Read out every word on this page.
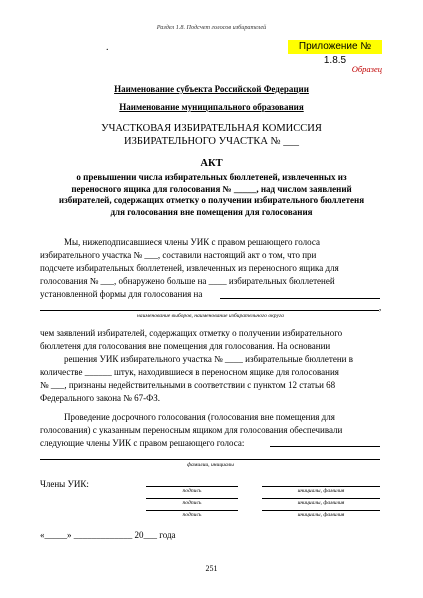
Раздел 1.8. Подсчет голосов избирателей
.	Приложение № 1.8.5
Образец
Наименование субъекта Российской Федерации
Наименование муниципального образования
УЧАСТКОВАЯ ИЗБИРАТЕЛЬНАЯ КОМИССИЯ
ИЗБИРАТЕЛЬНОГО УЧАСТКА № ___
АКТ
о превышении числа избирательных бюллетеней, извлеченных из
переносного ящика для голосования № _____, над числом заявлений
избирателей, содержащих отметку о получении избирательного бюллетеня
для голосования вне помещения для голосования
Мы, нижеподписавшиеся члены УИК с правом решающего голоса
избирательного участка № ___, составили настоящий акт о том, что при
подсчете избирательных бюллетеней, извлеченных из переносного ящика для
голосования № ___, обнаружено больше на ____ избирательных бюллетеней
установленной формы для голосования на
,
наименование выборов, наименование избирательного округа
чем заявлений избирателей, содержащих отметку о получении избирательного
бюллетеня для голосования вне помещения для голосования. На основании
решения УИК избирательного участка № ____ избирательные бюллетени в
количестве ______ штук, находившиеся в переносном ящике для голосования
№ ___, признаны недействительными в соответствии с пунктом 12 статьи 68
Федерального закона № 67-ФЗ.
Проведение досрочного голосования (голосования вне помещения для
голосования) с указанным переносным ящиком для голосования обеспечивали
следующие члены УИК с правом решающего голоса:
фамилии, инициалы
Члены УИК:
подпись	инициалы, фамилия
подпись	инициалы, фамилия
подпись	инициалы, фамилия
«_____» _____________ 20___ года
251
